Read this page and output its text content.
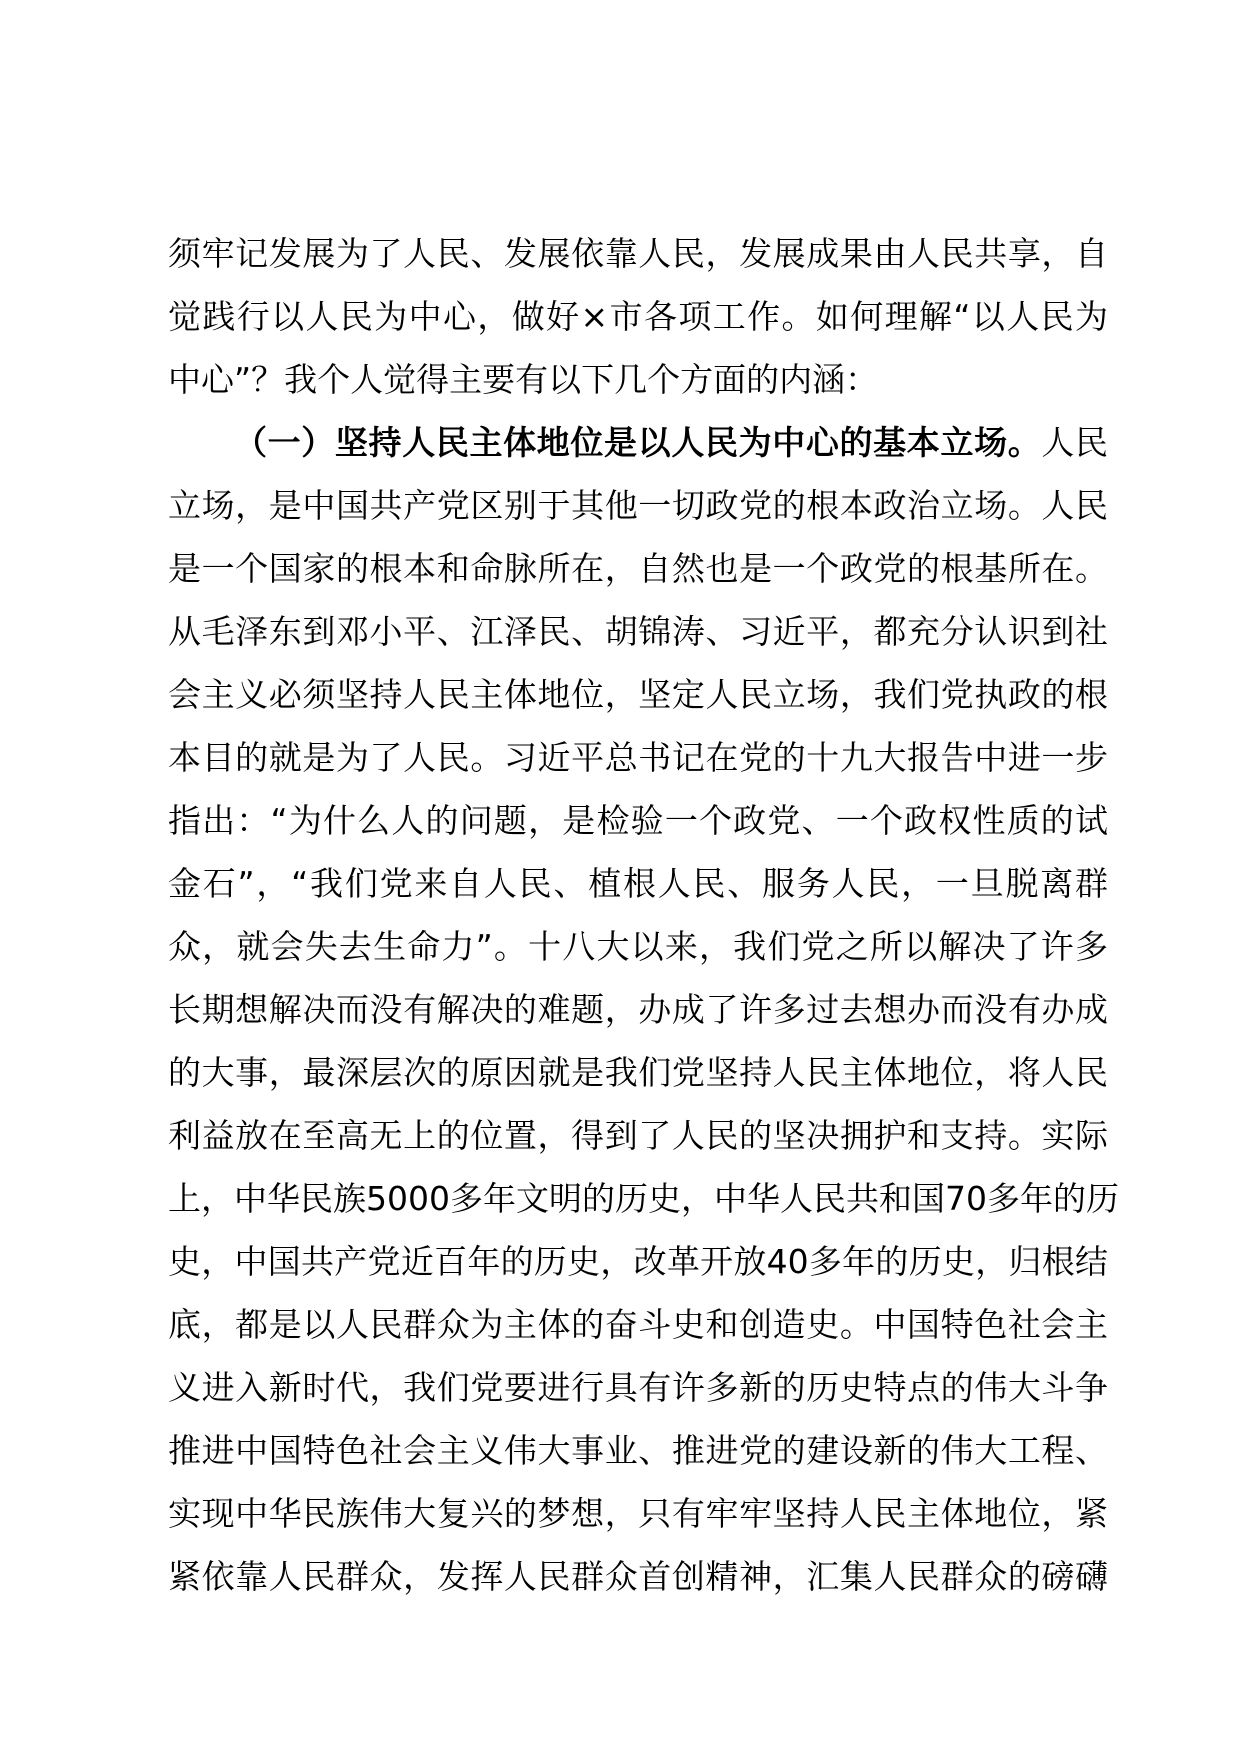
须牢记发展为了人民、发展依靠人民，发展成果由人民共享，自
觉践行以人民为中心，做好×市各项工作。如何理解“以人民为
中心”？我个人觉得主要有以下几个方面的内涵：
（一）坚持人民主体地位是以人民为中心的基本立场。人民
立场，是中国共产党区别于其他一切政党的根本政治立场。人民
是一个国家的根本和命脉所在，自然也是一个政党的根基所在。
从毛泽东到邓小平、江泽民、胡锦涛、习近平，都充分认识到社
会主义必须坚持人民主体地位，坚定人民立场，我们党执政的根
本目的就是为了人民。习近平总书记在党的十九大报告中进一步
指出：“为什么人的问题，是检验一个政党、一个政权性质的试
金石”，“我们党来自人民、植根人民、服务人民，一旦脱离群
众，就会失去生命力”。十八大以来，我们党之所以解决了许多
长期想解决而没有解决的难题，办成了许多过去想办而没有办成
的大事，最深层次的原因就是我们党坚持人民主体地位，将人民
利益放在至高无上的位置，得到了人民的坚决拥护和支持。实际
上，中华民族5000多年文明的历史，中华人民共和国70多年的历
史，中国共产党近百年的历史，改革开放40多年的历史，归根结
底，都是以人民群众为主体的奋斗史和创造史。中国特色社会主
义进入新时代，我们党要进行具有许多新的历史特点的伟大斗争
推进中国特色社会主义伟大事业、推进党的建设新的伟大工程、
实现中华民族伟大复兴的梦想，只有牢牢坚持人民主体地位，紧
紧依靠人民群众，发挥人民群众首创精神，汇集人民群众的磅礴
